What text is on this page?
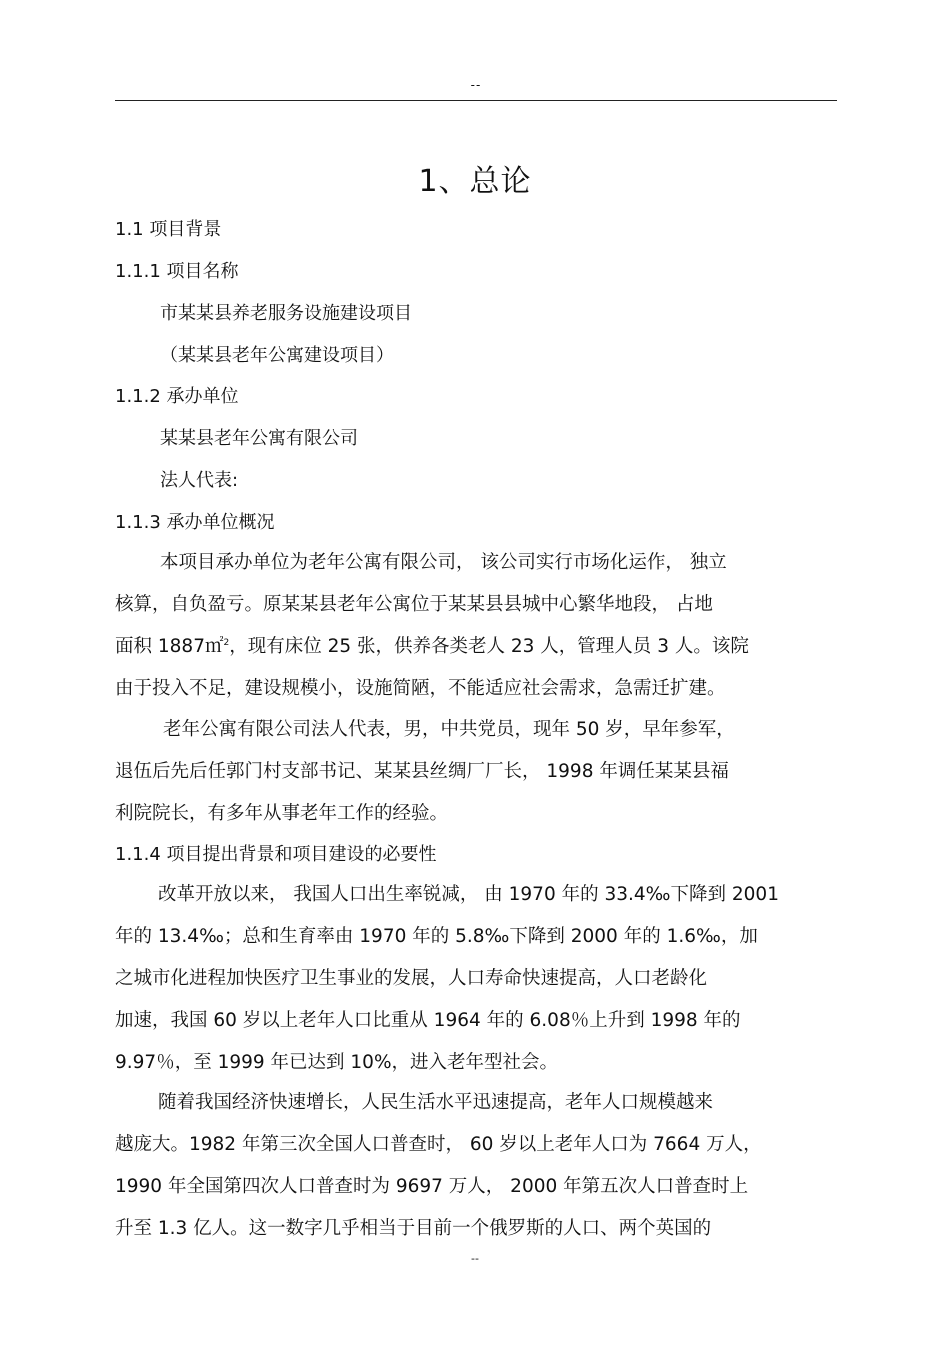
--
1、总论
1.1 项目背景
1.1.1 项目名称
市某某县养老服务设施建设项目
（某某县老年公寓建设项目）
1.1.2 承办单位
某某县老年公寓有限公司
法人代表:
1.1.3 承办单位概况
本项目承办单位为老年公寓有限公司， 该公司实行市场化运作， 独立
核算，自负盈亏。原某某县老年公寓位于某某县县城中心繁华地段， 占地
面积 1887㎡$^2$，现有床位 25 张，供养各类老人 23 人，管理人员 3 人。该院
由于投入不足，建设规模小，设施简陋，不能适应社会需求，急需迁扩建。
老年公寓有限公司法人代表，男，中共党员，现年 50 岁，早年参军，
退伍后先后任郭门村支部书记、某某县丝绸厂厂长， 1998 年调任某某县福
利院院长，有多年从事老年工作的经验。
1.1.4 项目提出背景和项目建设的必要性
改革开放以来， 我国人口出生率锐减， 由 1970 年的 33.4‰下降到 2001
年的 13.4‰；总和生育率由 1970 年的 5.8‰下降到 2000 年的 1.6‰，加
之城市化进程加快医疗卫生事业的发展，人口寿命快速提高，人口老龄化
加速，我国 60 岁以上老年人口比重从 1964 年的 6.08％上升到 1998 年的
9.97％，至 1999 年已达到 10%，进入老年型社会。
随着我国经济快速增长，人民生活水平迅速提高，老年人口规模越来
越庞大。1982 年第三次全国人口普查时， 60 岁以上老年人口为 7664 万人，
1990 年全国第四次人口普查时为 9697 万人， 2000 年第五次人口普查时上
升至 1.3 亿人。这一数字几乎相当于目前一个俄罗斯的人口、两个英国的
--
